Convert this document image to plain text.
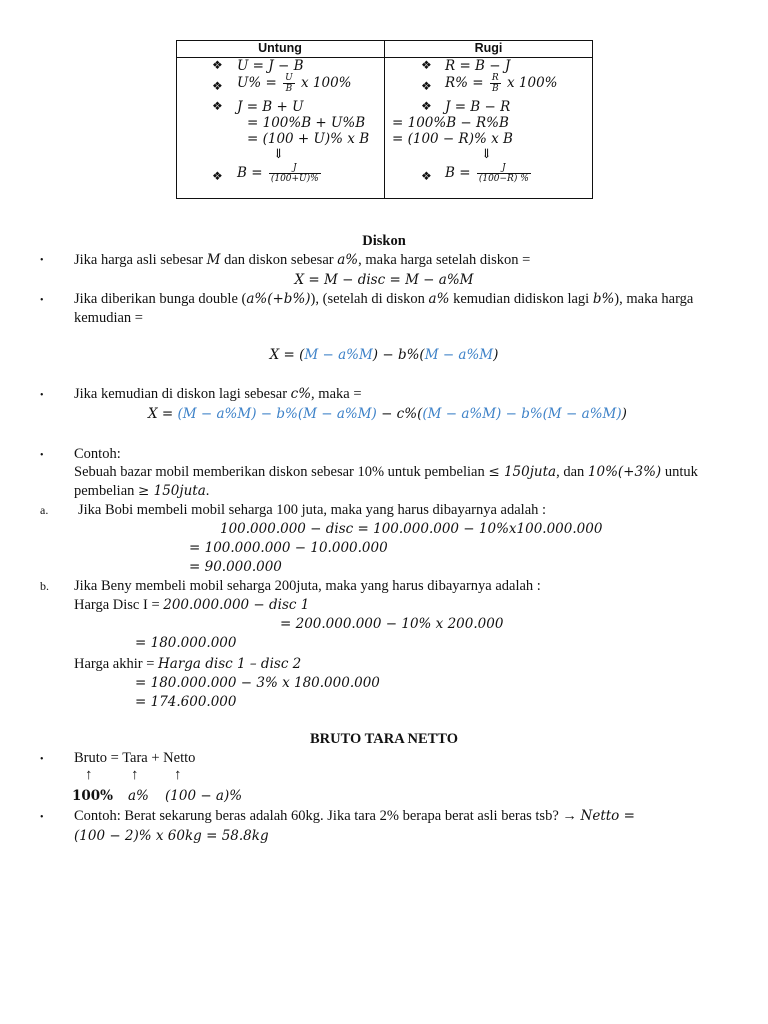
Untung	Rugi
❖ U = J − B
❖ $U\% = \frac{U}{B}$ x 100%
❖ J = B + U
= 100%B + U%B
= (100 + U)% x B
⇓
❖ $B = \frac{J}{(100+U)\%}$
❖ R = B − J
❖ $R\% = \frac{R}{B}$ x 100%
❖ J = B − R
= 100%B − R%B
= (100 − R)% x B
⇓
❖ $B = \frac{J}{(100-R) \%}$
Diskon
• Jika harga asli sebesar M dan diskon sebesar a%, maka harga setelah diskon =
X = M − disc = M − a%M
• Jika diberikan bunga double (a%(+b%)), (setelah di diskon a% kemudian didiskon lagi b%), maka harga
kemudian =
X = (M − a%M) − b%(M − a%M)
• Jika kemudian di diskon lagi sebesar c%, maka =
X = (M − a%M) − b%(M − a%M) − c%((M − a%M) − b%(M − a%M))
• Contoh:
Sebuah bazar mobil memberikan diskon sebesar 10% untuk pembelian ≤ 150juta, dan 10%(+3%) untuk
pembelian ≥ 150juta.
a. Jika Bobi membeli mobil seharga 100 juta, maka yang harus dibayarnya adalah :
100.000.000 − disc = 100.000.000 − 10%x100.000.000
= 100.000.000 − 10.000.000
= 90.000.000
b. Jika Beny membeli mobil seharga 200juta, maka yang harus dibayarnya adalah :
Harga Disc I = 200.000.000 − disc 1
= 200.000.000 − 10% x 200.000
= 180.000.000
Harga akhir = Harga disc 1 – disc 2
= 180.000.000 − 3% x 180.000.000
= 174.600.000
BRUTO TARA NETTO
• Bruto = Tara + Netto
↑	↑ ↑
100% a% (100 − a)%
• Contoh: Berat sekarung beras adalah 60kg. Jika tara 2% berapa berat asli beras tsb? → Netto =
(100 − 2)% x 60kg = 58.8kg
